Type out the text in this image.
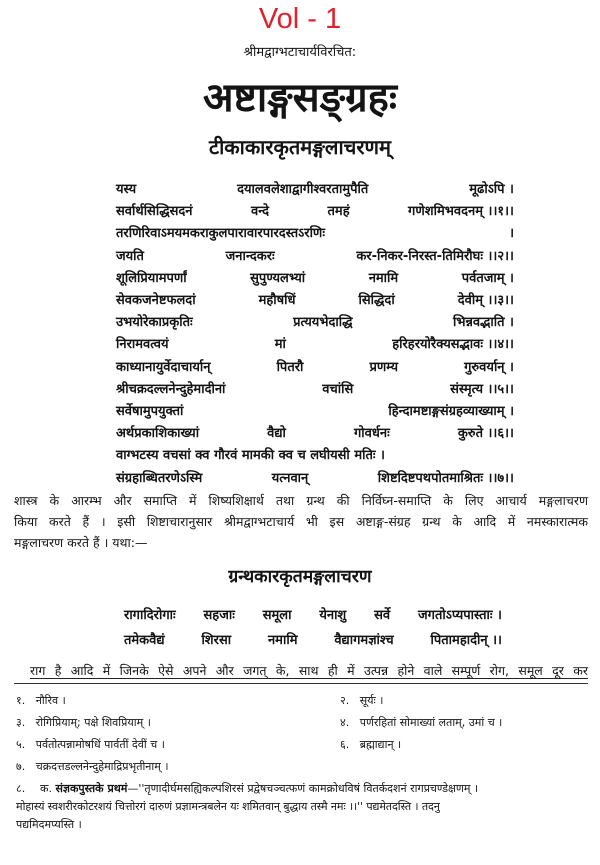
Vol - 1
श्रीमद्वाग्भटाचार्यविरचित:
अष्टाङ्गसङ्ग्रहः
टीकाकारकृतमङ्गलाचरणम्
यस्य	दयालवलेशाद्वागीश्वरतामुपैति	मूढोऽपि ।
सर्वार्थसिद्धिसदनं	वन्दे	तमहं	गणेशमिभवदनम् ।।१।।
तरणिरिवाऽमयमकराकुलपारावारपारदस्तऽरणिः	।
जयति	जनान्दकरः	कर-निकर-निरस्त-तिमिरौघः ।।२।।
शूलिप्रियामपर्णां	सुपुण्यलभ्यां	नमामि	पर्वतजाम् ।
सेवकजनेष्टफलदां	महौषधिं	सिद्धिदां	देवीम् ।।३।।
उभयोरेकाप्रकृतिः	प्रत्ययभेदाद्धि	भिन्नवद्भाति ।
निरामवत्वयं	मां	हरिहरयोरैक्यसद्भावः ।।४।।
काध्यानायुर्वेदाचार्यान्	पितरौ	प्रणम्य	गुरुवर्यान् ।
श्रीचक्रदल्लनेन्दुहेमादीनां	वचांसि	संस्मृत्य ।।५।।
सर्वेषामुपयुक्तां	हिन्दामष्टाङ्गसंग्रहव्याख्याम् ।
अर्थप्रकाशिकाख्यां	वैद्यो	गोवर्धनः	कुरुते ।।६।।
वाग्भटस्य वचसां क्व गौरवं मामकी क्व च लघीयसी मतिः ।
संग्रहाब्धितरणेऽस्मि	यत्नवान्	शिष्टदिष्टपथपोतमाश्रितः ।।७।।
शास्त्र के आरम्भ और समाप्ति में शिष्यशिक्षार्थ तथा ग्रन्थ की निर्विघ्न-समाप्ति के लिए आचार्य मङ्गलाचरण
किया करते हैं । इसी शिष्टाचारानुसार श्रीमद्वाग्भटाचार्य भी इस अष्टाङ्ग-संग्रह ग्रन्थ के आदि में नमस्कारात्मक
मङ्गलाचरण करते हैं । यथा:—
ग्रन्थकारकृतमङ्गलाचरण
रागादिरोगाः सहजाः समूला येनाशु सर्वे जगतोऽप्यपास्ताः ।
तमेकवैद्यं	शिरसा	नमामि	वैद्यागमज्ञांश्च	पितामहादीन् ।।
राग है आदि में जिनके ऐसे अपने और जगत् के, साथ ही में उत्पन्न होने वाले सम्पूर्ण रोग, समूल दूर कर
१. नौरिव ।	२. सूर्यः ।
३. रोगिप्रियाम्; पक्षे शिवप्रियाम् ।	४. पर्णरहितां सोमाख्यां लताम्, उमां च ।
५. पर्वतोत्पन्नामोषधिं पार्वतीं देवीं च ।	६. ब्रह्माद्यान् ।
७. चक्रदत्तडल्लनेन्दुहेमाद्रिप्रभृतीनाम् ।
८. क. संज्ञकपुस्तके प्रथमं—''तृणादीर्घमसह्यिकल्पशिरसं प्रद्वेषचञ्चत्फणं कामक्रोधविषं वितर्कदशनं रागप्रचण्डेक्षणम् ।
मोहास्यं स्वशरीरकोटरशयं चित्तोरगं दारुणं प्रज्ञामन्त्रबलेन यः शमितवान् बुद्धाय तस्मै नमः ।।'' पद्यमेतदस्ति । तदनु
पद्यमिदमप्यस्ति ।
